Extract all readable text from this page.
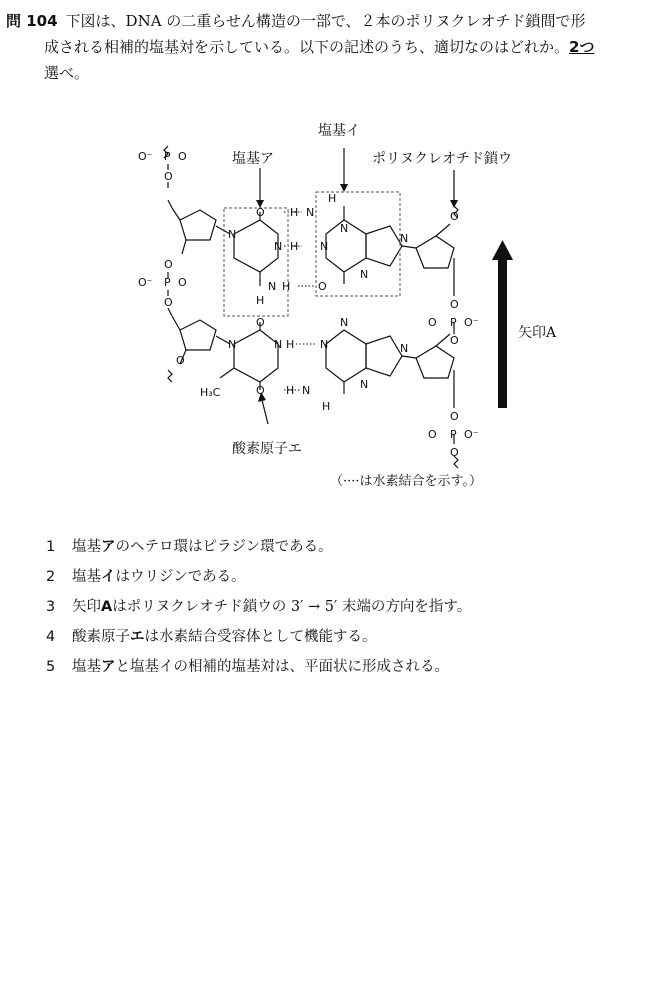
問 104 下図は、DNA の二重らせん構造の一部で、２本のポリヌクレオチド鎖間で形
成される相補的塩基対を示している。以下の記述のうち、適切なのはどれか。2つ
選べ。
O⁻ P O
O
O
O⁻ P O
O
O
N
O
N
N H
H
N
O
N H
H₃C	O H N
H
H N
H
H N
O
N
N
N
N
N
N
N
O
O
O P O⁻
O
O
O P O⁻
O
塩基ア
塩基イ
ポリヌクレオチド鎖ウ
矢印A
酸素原子エ
（····は水素結合を示す。）
1 塩基アのヘテロ環はピラジン環である。
2 塩基イはウリジンである。
3 矢印Aはポリヌクレオチド鎖ウの 3′ → 5′ 末端の方向を指す。
4 酸素原子エは水素結合受容体として機能する。
5 塩基アと塩基イの相補的塩基対は、平面状に形成される。
